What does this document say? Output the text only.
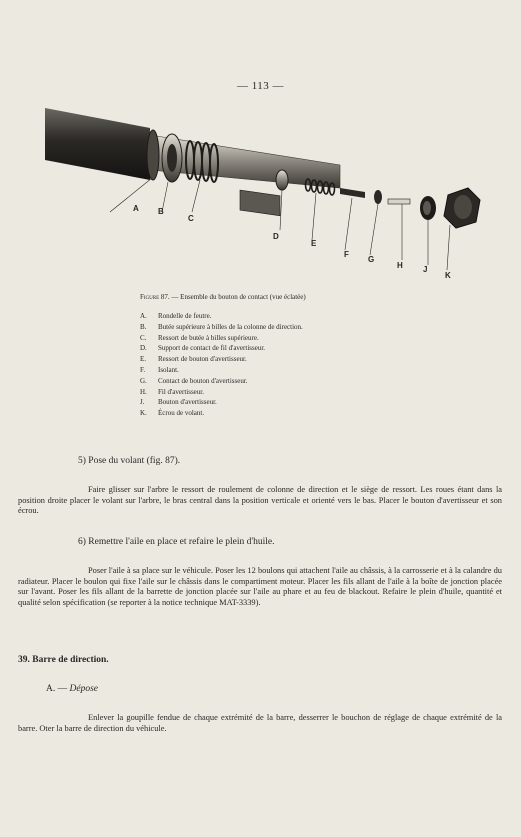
— 113 —
A B
C
D
E
F
G
H	J
K
Figure 87. — Ensemble du bouton de contact (vue éclatée)
A. Rondelle de feutre.
B. Butée supérieure à billes de la colonne de direction.
C. Ressort de butée à billes supérieure.
D. Support de contact de fil d'avertisseur.
E. Ressort de bouton d'avertisseur.
F. Isolant.
G. Contact de bouton d'avertisseur.
H. Fil d'avertisseur.
J. Bouton d'avertisseur.
K. Écrou de volant.
5) Pose du volant (fig. 87).

Faire glisser sur l'arbre le ressort de roulement de colonne de direction et le siège de ressort. Les roues étant dans la position droite placer le volant sur l'arbre, le bras central dans la position verticale et orienté vers le bas. Placer le bouton d'avertisseur et son écrou.

6) Remettre l'aile en place et refaire le plein d'huile.

Poser l'aile à sa place sur le véhicule. Poser les 12 boulons qui attachent l'aile au châssis, à la carrosserie et à la calandre du radiateur. Placer le boulon qui fixe l'aile sur le châssis dans le compartiment moteur. Placer les fils allant de l'aile à la boîte de jonction placée sur l'avant. Poser les fils allant de la barrette de jonction placée sur l'aile au phare et au feu de blackout. Refaire le plein d'huile, quantité et qualité selon spécification (se reporter à la notice technique MAT-3339).

39. Barre de direction.
A. — Dépose

Enlever la goupille fendue de chaque extrémité de la barre, desserrer le bouchon de réglage de chaque extrémité de la barre. Oter la barre de direction du véhicule.
